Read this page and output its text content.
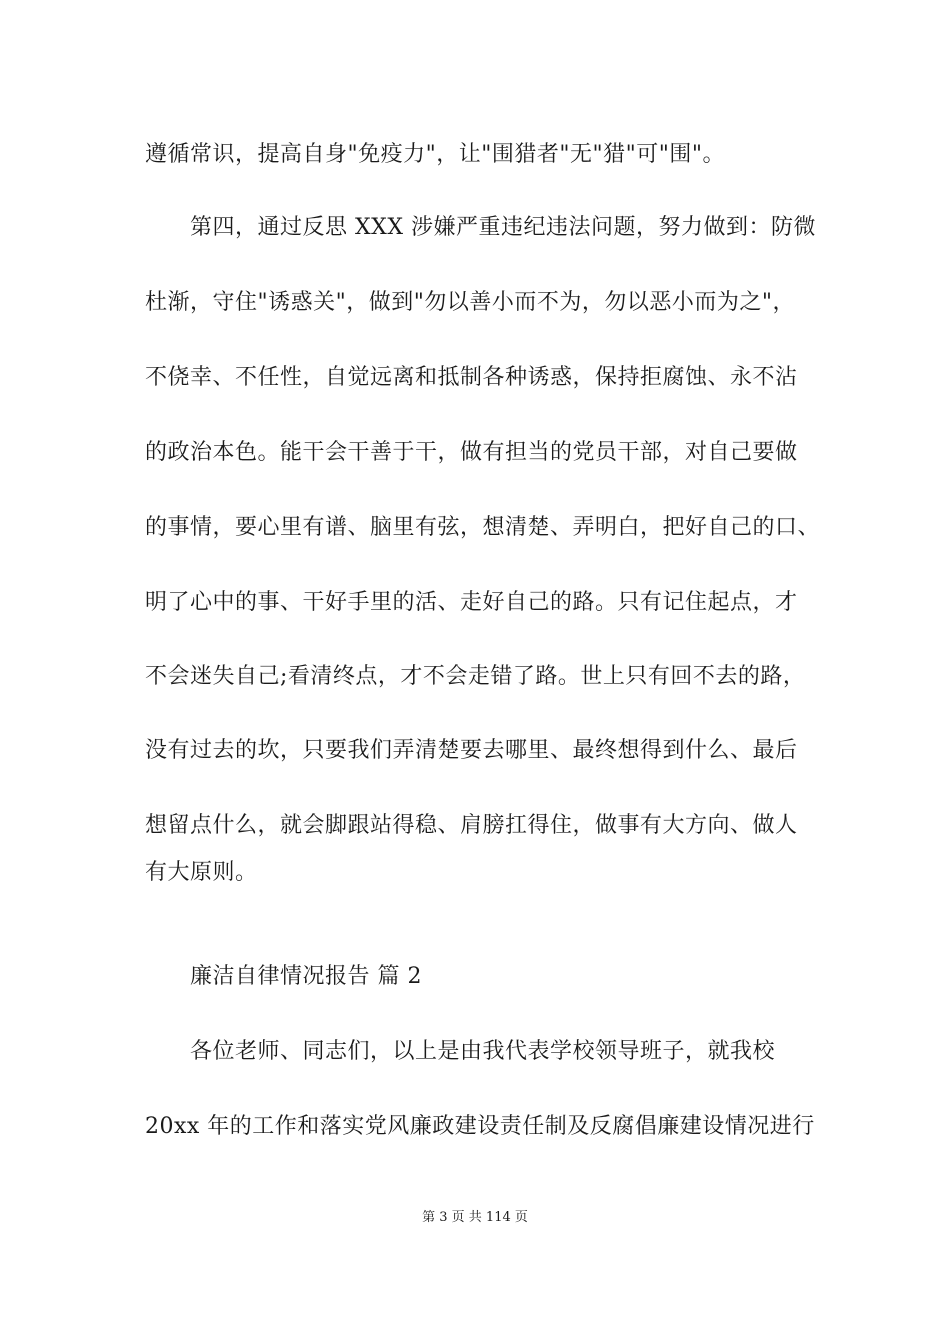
遵循常识，提高自身"免疫力"，让"围猎者"无"猎"可"围"。
第四，通过反思 XXX 涉嫌严重违纪违法问题，努力做到：防微
杜渐，守住"诱惑关"，做到"勿以善小而不为，勿以恶小而为之"，
不侥幸、不任性，自觉远离和抵制各种诱惑，保持拒腐蚀、永不沾
的政治本色。能干会干善于干，做有担当的党员干部，对自己要做
的事情，要心里有谱、脑里有弦，想清楚、弄明白，把好自己的口、
明了心中的事、干好手里的活、走好自己的路。只有记住起点，才
不会迷失自己;看清终点，才不会走错了路。世上只有回不去的路，
没有过去的坎，只要我们弄清楚要去哪里、最终想得到什么、最后
想留点什么，就会脚跟站得稳、肩膀扛得住，做事有大方向、做人
有大原则。
廉洁自律情况报告 篇 2
各位老师、同志们，以上是由我代表学校领导班子，就我校
20xx 年的工作和落实党风廉政建设责任制及反腐倡廉建设情况进行
第 3 页 共 114 页
